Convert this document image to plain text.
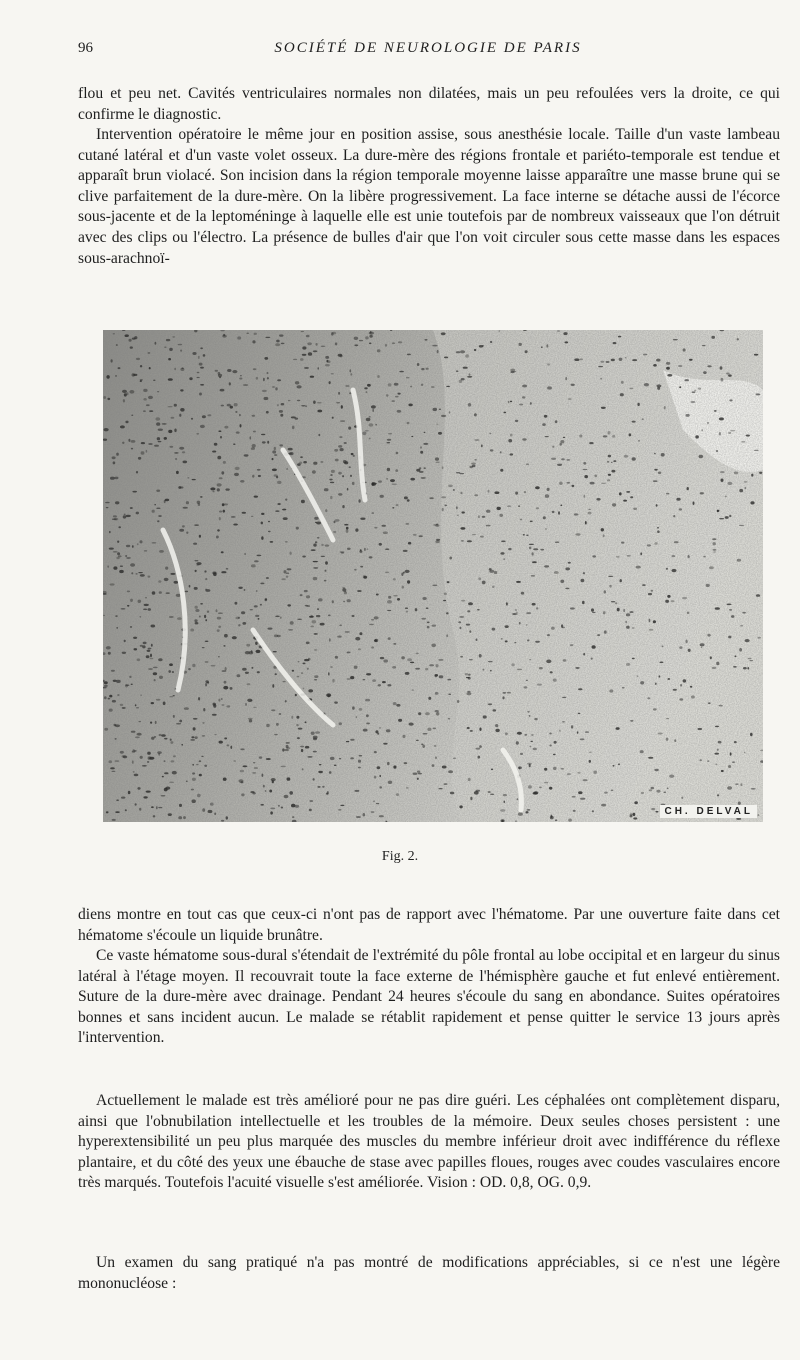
96	SOCIÉTÉ DE NEUROLOGIE DE PARIS

flou et peu net. Cavités ventriculaires normales non dilatées, mais un peu refoulées vers la droite, ce qui confirme le diagnostic.

Intervention opératoire le même jour en position assise, sous anesthésie locale. Taille d'un vaste lambeau cutané latéral et d'un vaste volet osseux. La dure-mère des régions frontale et pariéto-temporale est tendue et apparaît brun violacé. Son incision dans la région temporale moyenne laisse apparaître une masse brune qui se clive parfaitement de la dure-mère. On la libère progressivement. La face interne se détache aussi de l'écorce sous-jacente et de la leptoméninge à laquelle elle est unie toutefois par de nombreux vaisseaux que l'on détruit avec des clips ou l'électro. La présence de bulles d'air que l'on voit circuler sous cette masse dans les espaces sous-arachnoï-

CH. DELVAL
Fig. 2.

diens montre en tout cas que ceux-ci n'ont pas de rapport avec l'hématome. Par une ouverture faite dans cet hématome s'écoule un liquide brunâtre.

Ce vaste hématome sous-dural s'étendait de l'extrémité du pôle frontal au lobe occipital et en largeur du sinus latéral à l'étage moyen. Il recouvrait toute la face externe de l'hémisphère gauche et fut enlevé entièrement. Suture de la dure-mère avec drainage. Pendant 24 heures s'écoule du sang en abondance. Suites opératoires bonnes et sans incident aucun. Le malade se rétablit rapidement et pense quitter le service 13 jours après l'intervention.

Actuellement le malade est très amélioré pour ne pas dire guéri. Les céphalées ont complètement disparu, ainsi que l'obnubilation intellectuelle et les troubles de la mémoire. Deux seules choses persistent : une hyperextensibilité un peu plus marquée des muscles du membre inférieur droit avec indifférence du réflexe plantaire, et du côté des yeux une ébauche de stase avec papilles floues, rouges avec coudes vasculaires encore très marqués. Toutefois l'acuité visuelle s'est améliorée. Vision : OD. 0,8, OG. 0,9.

Un examen du sang pratiqué n'a pas montré de modifications appréciables, si ce n'est une légère mononucléose :
